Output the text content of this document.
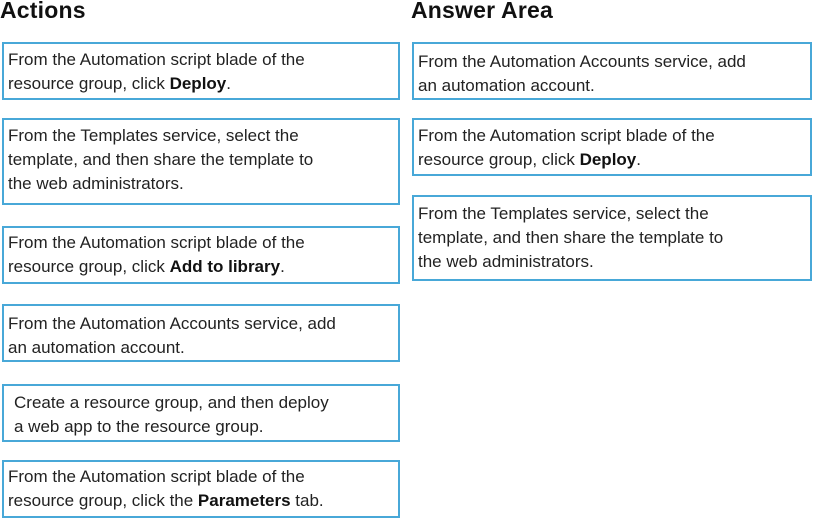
Actions	Answer Area
From the Automation script blade of the
resource group, click Deploy.
From the Templates service, select the
template, and then share the template to
the web administrators.
From the Automation script blade of the
resource group, click Add to library.
From the Automation Accounts service, add
an automation account.
Create a resource group, and then deploy
a web app to the resource group.
From the Automation script blade of the
resource group, click the Parameters tab.
From the Automation Accounts service, add
an automation account.
From the Automation script blade of the
resource group, click Deploy.
From the Templates service, select the
template, and then share the template to
the web administrators.
